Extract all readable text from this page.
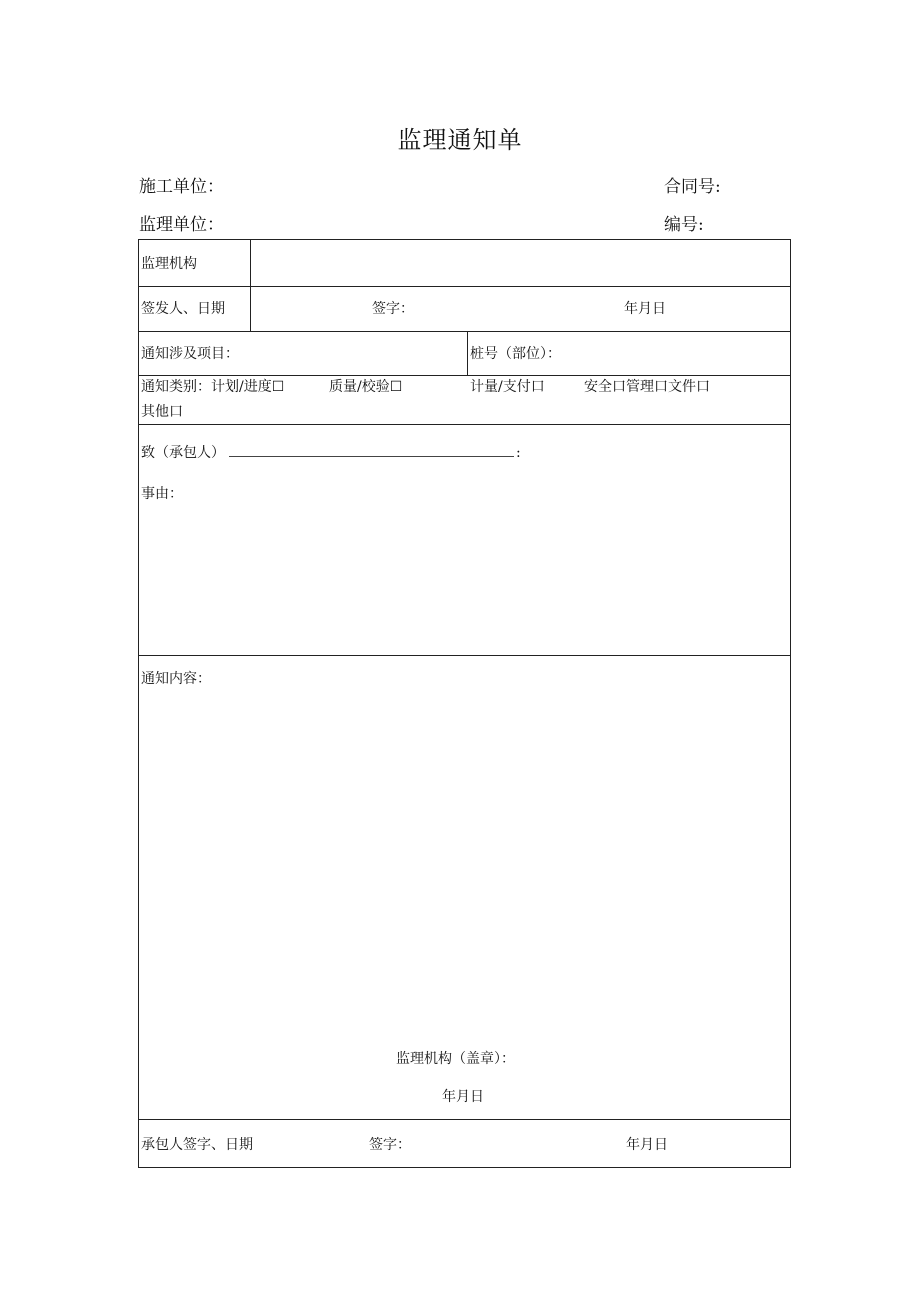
监理通知单
施工单位：	合同号:
监理单位：	编号:
监理机构
签发人、日期	签字：	年月日
通知涉及项目：	桩号（部位）：
通知类别：计划/进度☐	质量/校验☐	计量/支付口	安全口管理口文件口
其他口
致（承包人）	:
事由：
通知内容：
监理机构（盖章）：
年月日
承包人签字、日期	签字：	年月日
